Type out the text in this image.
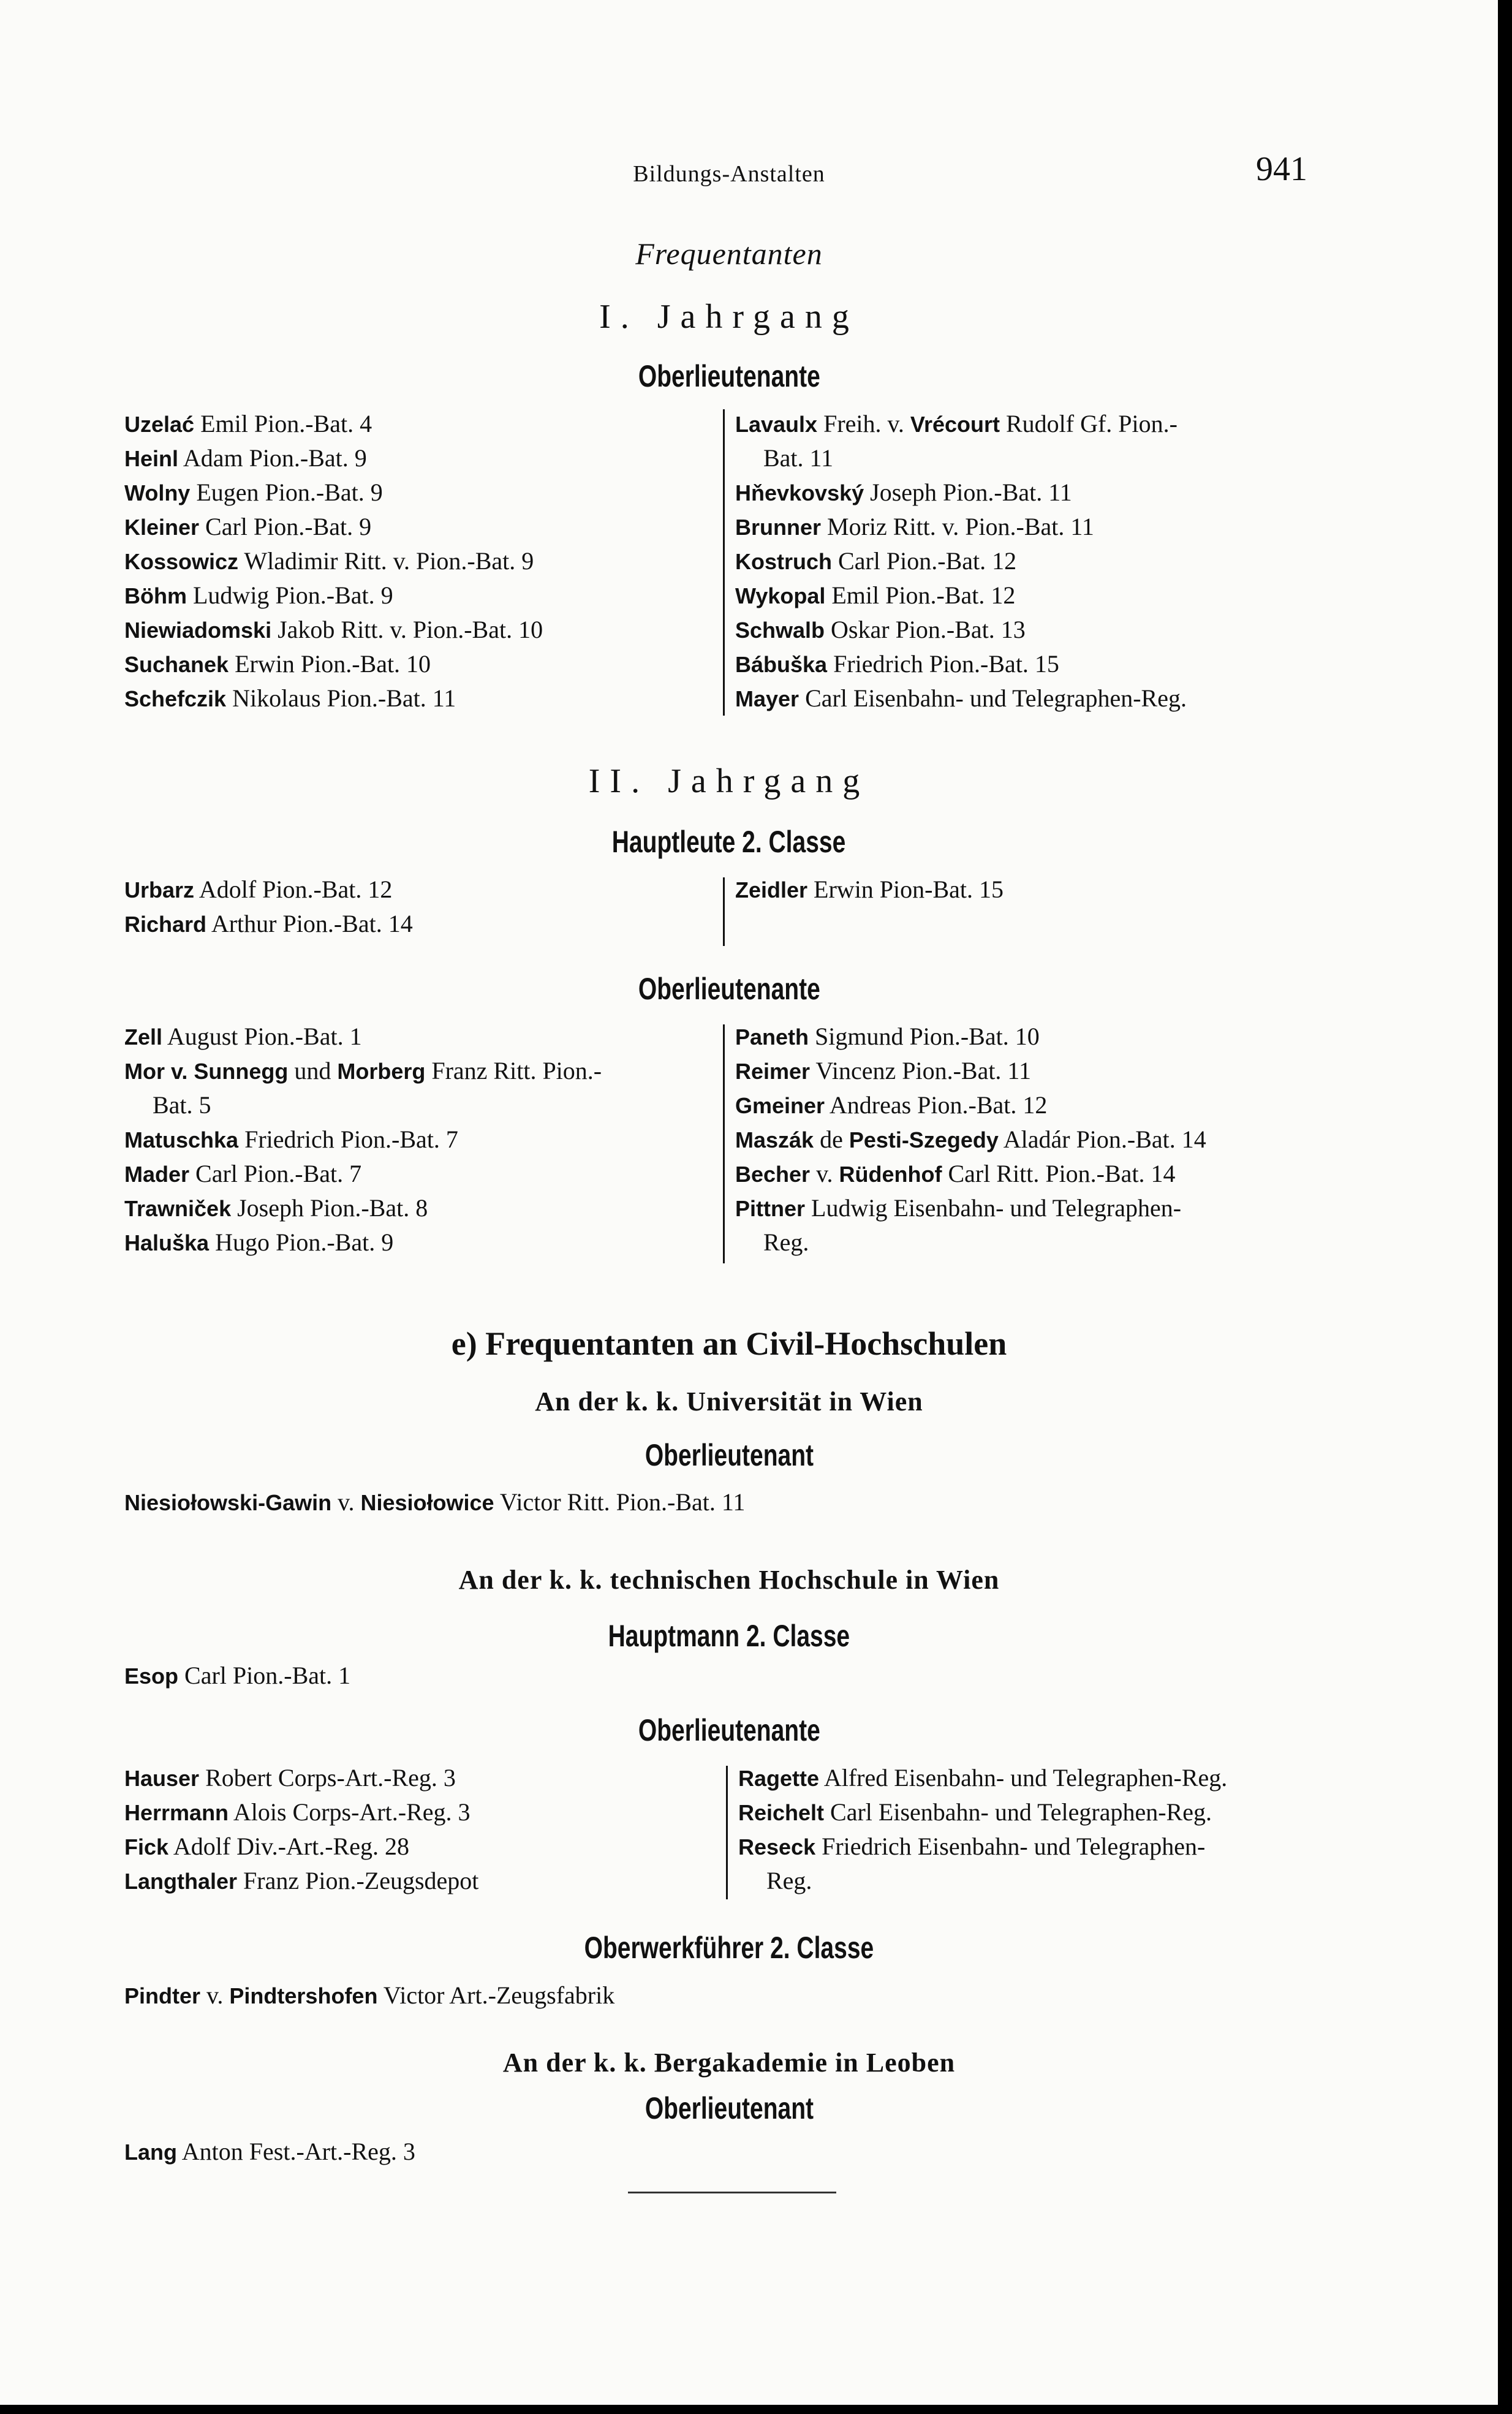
Bildungs-Anstalten	941
Frequentanten
I. Jahrgang
Oberlieutenante
Uzelać Emil Pion.-Bat. 4
Heinl Adam Pion.-Bat. 9
Wolny Eugen Pion.-Bat. 9
Kleiner Carl Pion.-Bat. 9
Kossowicz Wladimir Ritt. v. Pion.-Bat. 9
Böhm Ludwig Pion.-Bat. 9
Niewiadomski Jakob Ritt. v. Pion.-Bat. 10
Suchanek Erwin Pion.-Bat. 10
Schefczik Nikolaus Pion.-Bat. 11
Lavaulx Freih. v. Vrécourt Rudolf Gf. Pion.-
Bat. 11
Hňevkovský Joseph Pion.-Bat. 11
Brunner Moriz Ritt. v. Pion.-Bat. 11
Kostruch Carl Pion.-Bat. 12
Wykopal Emil Pion.-Bat. 12
Schwalb Oskar Pion.-Bat. 13
Bábuška Friedrich Pion.-Bat. 15
Mayer Carl Eisenbahn- und Telegraphen-Reg.
II. Jahrgang
Hauptleute 2. Classe
Urbarz Adolf Pion.-Bat. 12
Richard Arthur Pion.-Bat. 14
Zeidler Erwin Pion-Bat. 15
Oberlieutenante
Zell August Pion.-Bat. 1
Mor v. Sunnegg und Morberg Franz Ritt. Pion.-
Bat. 5
Matuschka Friedrich Pion.-Bat. 7
Mader Carl Pion.-Bat. 7
Trawniček Joseph Pion.-Bat. 8
Haluška Hugo Pion.-Bat. 9
Paneth Sigmund Pion.-Bat. 10
Reimer Vincenz Pion.-Bat. 11
Gmeiner Andreas Pion.-Bat. 12
Maszák de Pesti-Szegedy Aladár Pion.-Bat. 14
Becher v. Rüdenhof Carl Ritt. Pion.-Bat. 14
Pittner Ludwig Eisenbahn- und Telegraphen-
Reg.
e) Frequentanten an Civil-Hochschulen
An der k. k. Universität in Wien
Oberlieutenant
Niesiołowski-Gawin v. Niesiołowice Victor Ritt. Pion.-Bat. 11
An der k. k. technischen Hochschule in Wien
Hauptmann 2. Classe
Esop Carl Pion.-Bat. 1
Oberlieutenante
Hauser Robert Corps-Art.-Reg. 3
Herrmann Alois Corps-Art.-Reg. 3
Fick Adolf Div.-Art.-Reg. 28
Langthaler Franz Pion.-Zeugsdepot
Ragette Alfred Eisenbahn- und Telegraphen-Reg.
Reichelt Carl Eisenbahn- und Telegraphen-Reg.
Reseck Friedrich Eisenbahn- und Telegraphen-
Reg.
Oberwerkführer 2. Classe
Pindter v. Pindtershofen Victor Art.-Zeugsfabrik
An der k. k. Bergakademie in Leoben
Oberlieutenant
Lang Anton Fest.-Art.-Reg. 3
